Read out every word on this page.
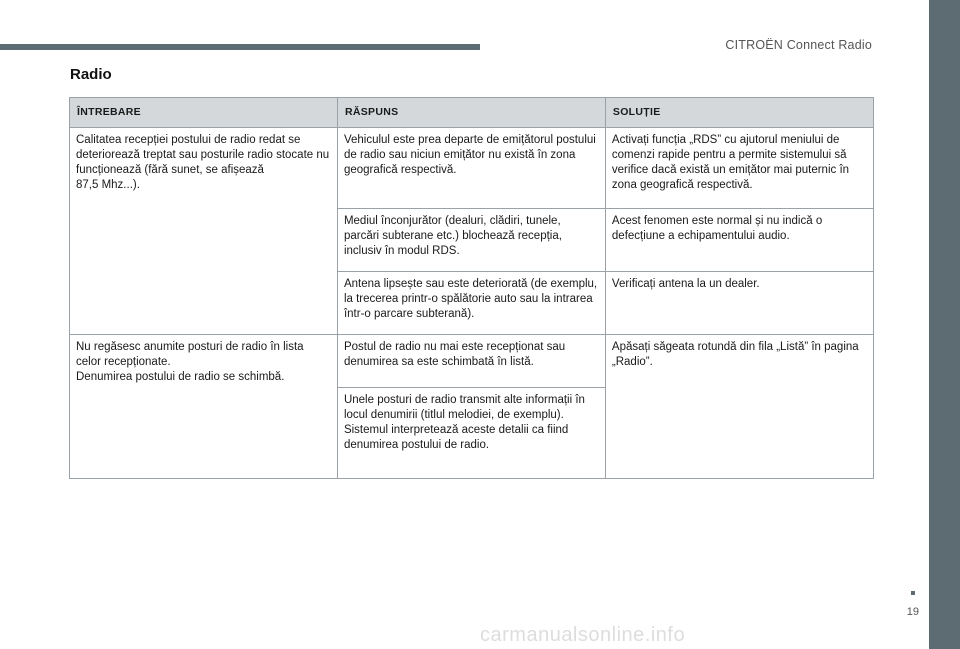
CITROËN Connect Radio
Radio
ÎNTREBARE	RĂSPUNS	SOLUȚIE
Calitatea recepției postului de radio redat se deteriorează treptat sau posturile radio stocate nu funcționează (fără sunet, se afișează
87,5 Mhz...).	Vehiculul este prea departe de emițătorul postului de radio sau niciun emițător nu există în zona geografică respectivă.	Activați funcția „RDS” cu ajutorul meniului de comenzi rapide pentru a permite sistemului să verifice dacă există un emițător mai puternic în zona geografică respectivă.
	Mediul înconjurător (dealuri, clădiri, tunele, parcări subterane etc.) blochează recepția, inclusiv în modul RDS.	Acest fenomen este normal și nu indică o defecțiune a echipamentului audio.
	Antena lipsește sau este deteriorată (de exemplu, la trecerea printr-o spălătorie auto sau la intrarea într-o parcare subterană).	Verificați antena la un dealer.
Nu regăsesc anumite posturi de radio în lista celor recepționate.
Denumirea postului de radio se schimbă.	Postul de radio nu mai este recepționat sau denumirea sa este schimbată în listă.	Apăsați săgeata rotundă din fila „Listă” în pagina „Radio”.
	Unele posturi de radio transmit alte informații în locul denumirii (titlul melodiei, de exemplu). Sistemul interpretează aceste detalii ca fiind denumirea postului de radio.	
19
carmanualsonline.info
